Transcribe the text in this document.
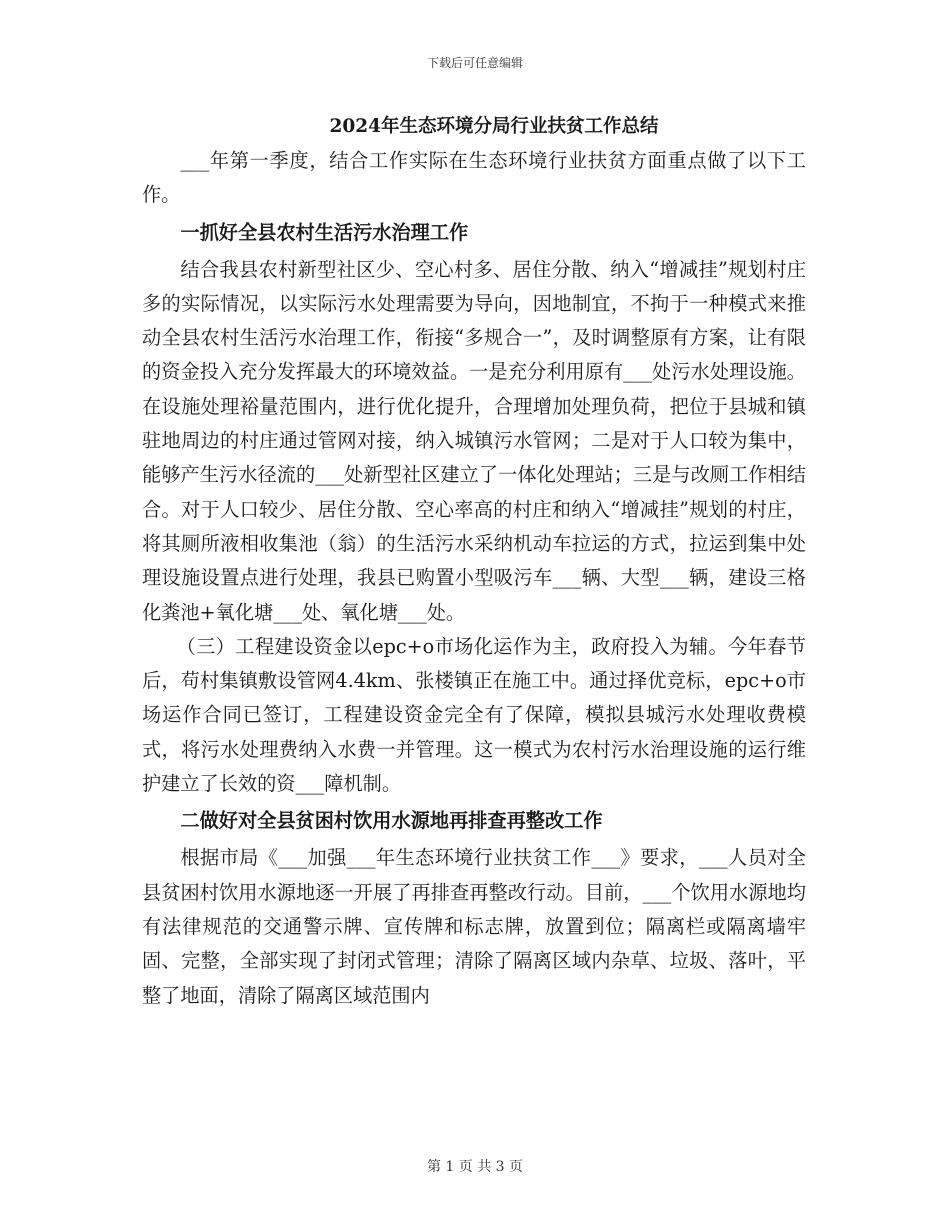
下载后可任意编辑
2024年生态环境分局行业扶贫工作总结

___年第一季度，结合工作实际在生态环境行业扶贫方面重点做了以下工作。

一抓好全县农村生活污水治理工作

结合我县农村新型社区少、空心村多、居住分散、纳入“增减挂”规划村庄多的实际情况，以实际污水处理需要为导向，因地制宜，不拘于一种模式来推动全县农村生活污水治理工作，衔接“多规合一”，及时调整原有方案，让有限的资金投入充分发挥最大的环境效益。一是充分利用原有___处污水处理设施。在设施处理裕量范围内，进行优化提升，合理增加处理负荷，把位于县城和镇驻地周边的村庄通过管网对接，纳入城镇污水管网；二是对于人口较为集中，能够产生污水径流的___处新型社区建立了一体化处理站；三是与改厕工作相结合。对于人口较少、居住分散、空心率高的村庄和纳入“增减挂”规划的村庄，将其厕所液相收集池（翁）的生活污水采纳机动车拉运的方式，拉运到集中处理设施设置点进行处理，我县已购置小型吸污车___辆、大型___辆，建设三格化粪池+氧化塘___处、氧化塘___处。

（三）工程建设资金以epc+o市场化运作为主，政府投入为辅。今年春节后，苟村集镇敷设管网4.4km、张楼镇正在施工中。通过择优竞标，epc+o市场运作合同已签订，工程建设资金完全有了保障，模拟县城污水处理收费模式，将污水处理费纳入水费一并管理。这一模式为农村污水治理设施的运行维护建立了长效的资___障机制。

二做好对全县贫困村饮用水源地再排查再整改工作

根据市局《___加强___年生态环境行业扶贫工作___》要求，___人员对全县贫困村饮用水源地逐一开展了再排查再整改行动。目前，___个饮用水源地均有法律规范的交通警示牌、宣传牌和标志牌，放置到位；隔离栏或隔离墙牢固、完整，全部实现了封闭式管理；清除了隔离区域内杂草、垃圾、落叶，平整了地面，清除了隔离区域范围内

第 1 页 共 3 页
